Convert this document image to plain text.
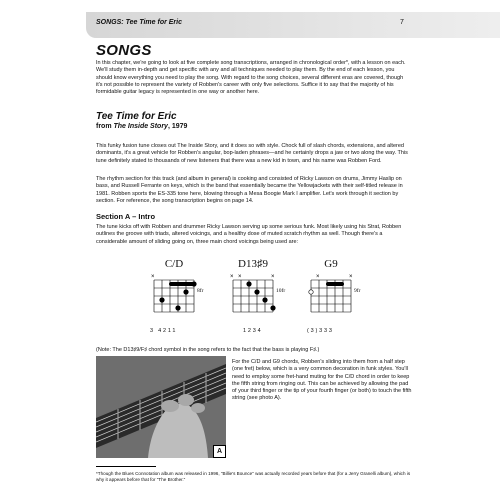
SONGS: Tee Time for Eric	7
SONGS
In this chapter, we're going to look at five complete song transcriptions, arranged in chronological order*, with a lesson on each. We'll study them in-depth and get specific with any and all techniques needed to play them. By the end of each lesson, you should know everything you need to play the song. With regard to the song choices, several different eras are covered, though it's not possible to represent the variety of Robben's career with only five selections. Suffice it to say that the majority of his formidable guitar legacy is represented in one way or another here.
Tee Time for Eric
from The Inside Story, 1979
This funky fusion tune closes out The Inside Story, and it does so with style. Chock full of slash chords, extensions, and altered dominants, it's a great vehicle for Robben's angular, bop-laden phrases—and he certainly drops a jaw or two along the way. This tune definitely stated to thousands of new listeners that there was a new kid in town, and his name was Robben Ford.
The rhythm section for this track (and album in general) is cooking and consisted of Ricky Lawson on drums, Jimmy Haslip on bass, and Russell Ferrante on keys, which is the band that essentially became the Yellowjackets with their self-titled release in 1981. Robben sports the ES-335 tone here, blowing through a Mesa Boogie Mark I amplifier. Let's work through it section by section. For reference, the song transcription begins on page 14.
Section A – Intro
The tune kicks off with Robben and drummer Ricky Lawson serving up some serious funk. Most likely using his Strat, Robben outlines the groove with triads, altered voicings, and a healthy dose of muted scratch rhythm as well. Though there's a considerable amount of sliding going on, three main chord voicings being used are:
C/D
×
8fr
3 4211
D13♯9
× ×	×
10fr
1234
G9
×	×
9fr
(3)333
(Note: The D13♯9/F♯ chord symbol in the song refers to the fact that the bass is playing F♯.)
A
For the C/D and G9 chords, Robben's sliding into them from a half step (one fret) below, which is a very common decoration in funk styles. You'll need to employ some fret-hand muting for the C/D chord in order to keep the fifth string from ringing out. This can be achieved by allowing the pad of your third finger or the tip of your fourth finger (or both) to touch the fifth string (see photo A).
*Though the Blues Connotation album was released in 1996, "Billie's Bounce" was actually recorded years before that (for a Jerry Granelli album), which is why it appears before that for "The Brother."
